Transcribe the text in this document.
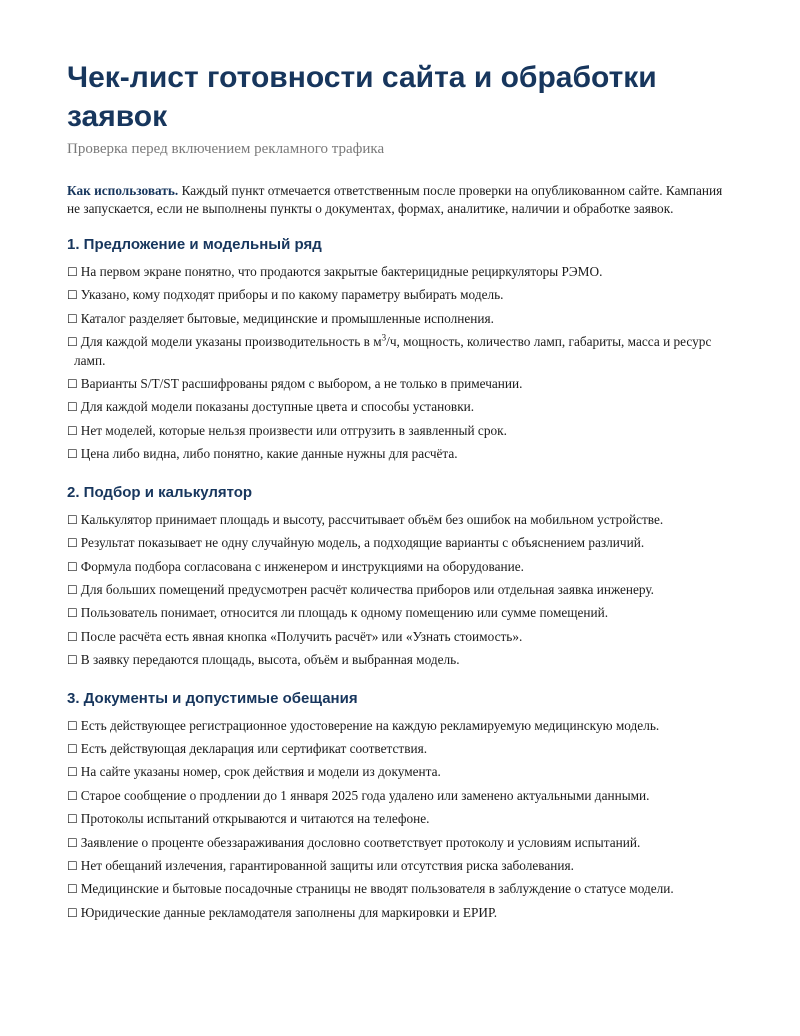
Чек-лист готовности сайта и обработки заявок
Проверка перед включением рекламного трафика

Как использовать. Каждый пункт отмечается ответственным после проверки на опубликованном сайте. Кампания не запускается, если не выполнены пункты о документах, формах, аналитике, наличии и обработке заявок.

1. Предложение и модельный ряд
☐ На первом экране понятно, что продаются закрытые бактерицидные рециркуляторы РЭМО.
☐ Указано, кому подходят приборы и по какому параметру выбирать модель.
☐ Каталог разделяет бытовые, медицинские и промышленные исполнения.
☐ Для каждой модели указаны производительность в $м^3/ч$, мощность, количество ламп, габариты, масса и ресурс ламп.
☐ Варианты S/T/ST расшифрованы рядом с выбором, а не только в примечании.
☐ Для каждой модели показаны доступные цвета и способы установки.
☐ Нет моделей, которые нельзя произвести или отгрузить в заявленный срок.
☐ Цена либо видна, либо понятно, какие данные нужны для расчёта.
2. Подбор и калькулятор
☐ Калькулятор принимает площадь и высоту, рассчитывает объём без ошибок на мобильном устройстве.
☐ Результат показывает не одну случайную модель, а подходящие варианты с объяснением различий.
☐ Формула подбора согласована с инженером и инструкциями на оборудование.
☐ Для больших помещений предусмотрен расчёт количества приборов или отдельная заявка инженеру.
☐ Пользователь понимает, относится ли площадь к одному помещению или сумме помещений.
☐ После расчёта есть явная кнопка «Получить расчёт» или «Узнать стоимость».
☐ В заявку передаются площадь, высота, объём и выбранная модель.
3. Документы и допустимые обещания
☐ Есть действующее регистрационное удостоверение на каждую рекламируемую медицинскую модель.
☐ Есть действующая декларация или сертификат соответствия.
☐ На сайте указаны номер, срок действия и модели из документа.
☐ Старое сообщение о продлении до 1 января 2025 года удалено или заменено актуальными данными.
☐ Протоколы испытаний открываются и читаются на телефоне.
☐ Заявление о проценте обеззараживания дословно соответствует протоколу и условиям испытаний.
☐ Нет обещаний излечения, гарантированной защиты или отсутствия риска заболевания.
☐ Медицинские и бытовые посадочные страницы не вводят пользователя в заблуждение о статусе модели.
☐ Юридические данные рекламодателя заполнены для маркировки и ЕРИР.
